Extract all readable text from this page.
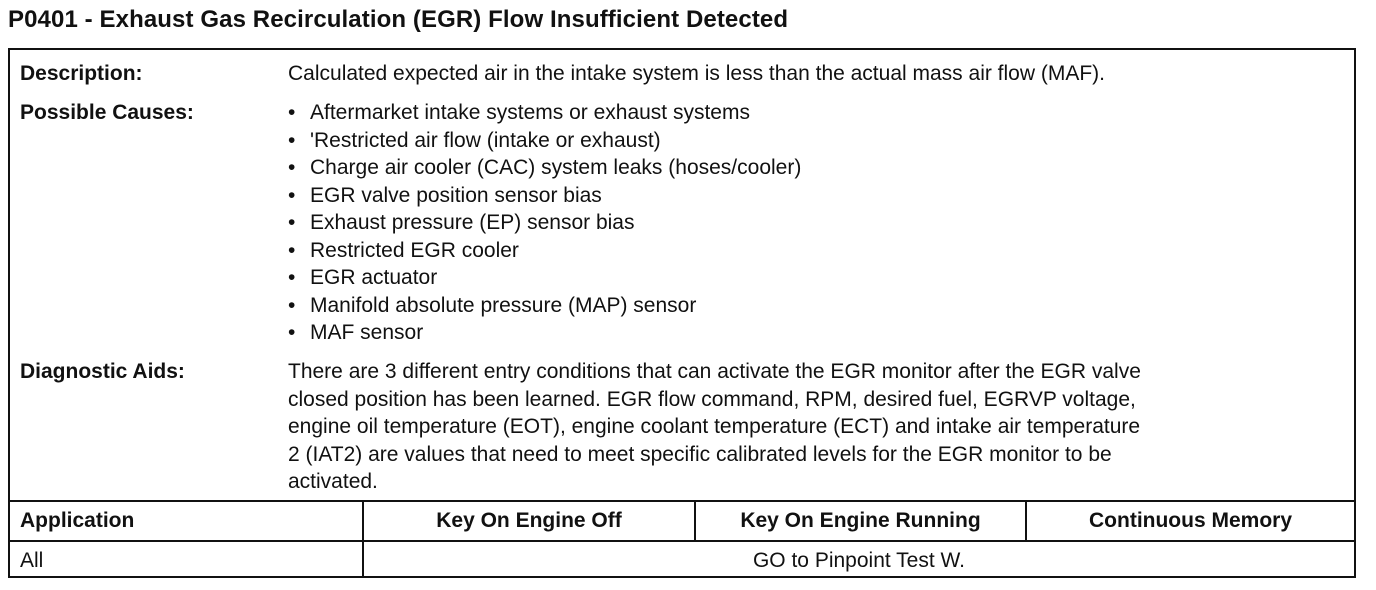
P0401 - Exhaust Gas Recirculation (EGR) Flow Insufficient Detected
Description:	Calculated expected air in the intake system is less than the actual mass air flow (MAF).
Possible Causes:	• Aftermarket intake systems or exhaust systems
• 'Restricted air flow (intake or exhaust)
• Charge air cooler (CAC) system leaks (hoses/cooler)
• EGR valve position sensor bias
• Exhaust pressure (EP) sensor bias
• Restricted EGR cooler
• EGR actuator
• Manifold absolute pressure (MAP) sensor
• MAF sensor
Diagnostic Aids:	There are 3 different entry conditions that can activate the EGR monitor after the EGR valve
closed position has been learned. EGR flow command, RPM, desired fuel, EGRVP voltage,
engine oil temperature (EOT), engine coolant temperature (ECT) and intake air temperature
2 (IAT2) are values that need to meet specific calibrated levels for the EGR monitor to be
activated.
Application	Key On Engine Off	Key On Engine Running	Continuous Memory
All	GO to Pinpoint Test W.
